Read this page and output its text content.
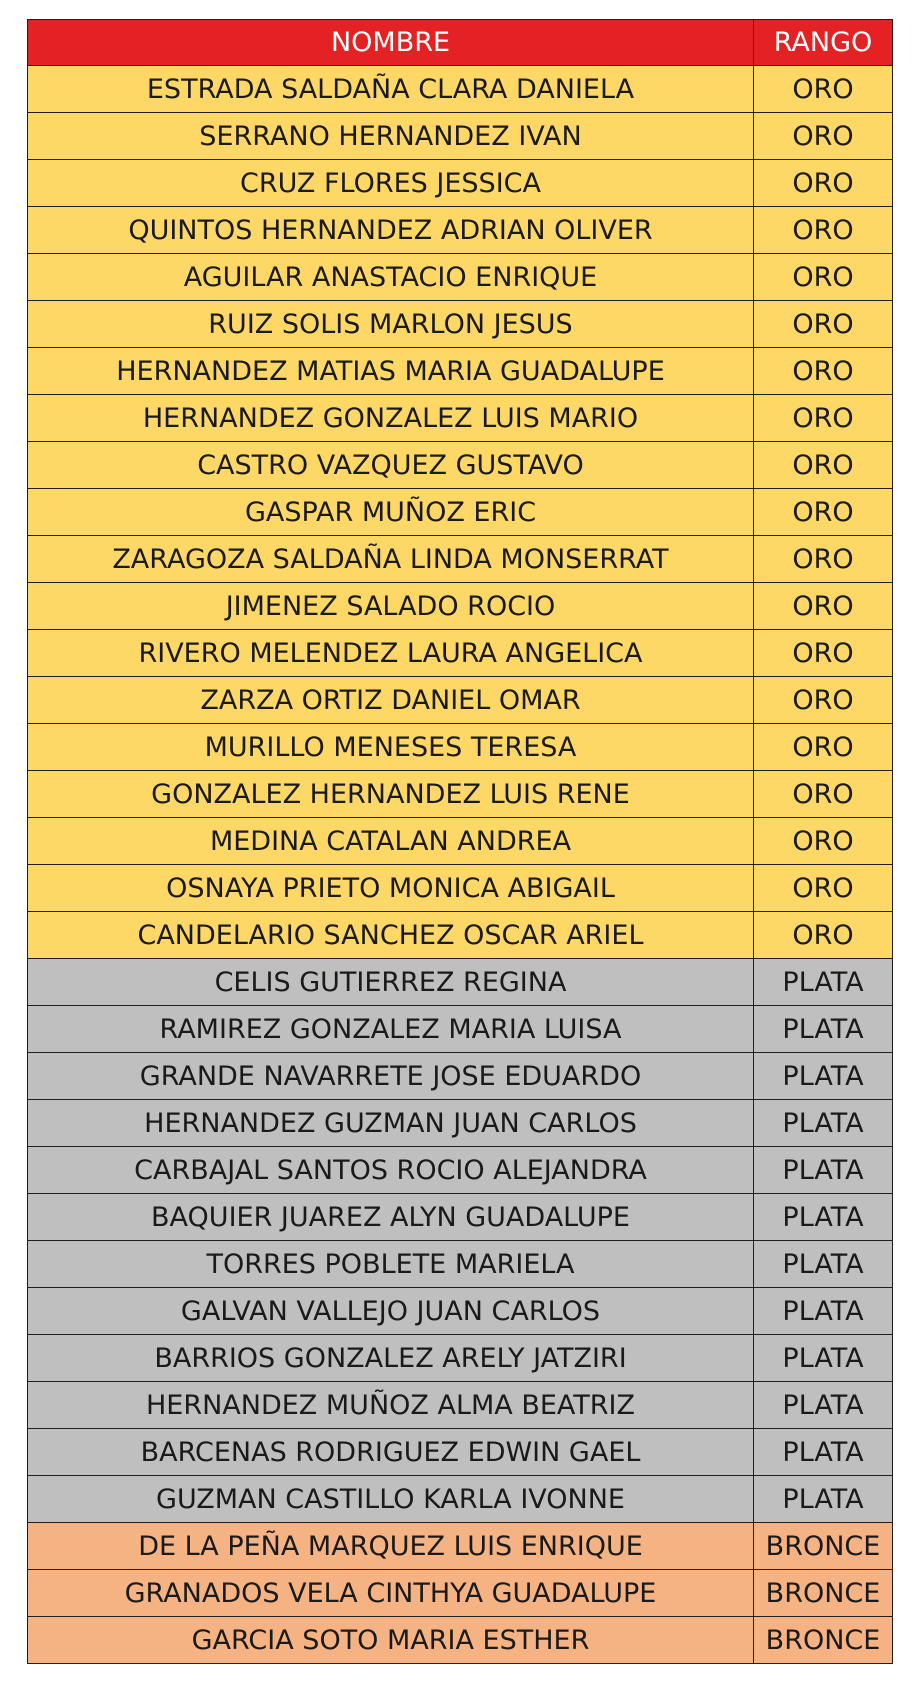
NOMBRE	RANGO
ESTRADA SALDAÑA CLARA DANIELA	ORO
SERRANO HERNANDEZ IVAN	ORO
CRUZ FLORES JESSICA	ORO
QUINTOS HERNANDEZ ADRIAN OLIVER	ORO
AGUILAR ANASTACIO ENRIQUE	ORO
RUIZ SOLIS MARLON JESUS	ORO
HERNANDEZ MATIAS MARIA GUADALUPE	ORO
HERNANDEZ GONZALEZ LUIS MARIO	ORO
CASTRO VAZQUEZ GUSTAVO	ORO
GASPAR MUÑOZ ERIC	ORO
ZARAGOZA SALDAÑA LINDA MONSERRAT	ORO
JIMENEZ SALADO ROCIO	ORO
RIVERO MELENDEZ LAURA ANGELICA	ORO
ZARZA ORTIZ DANIEL OMAR	ORO
MURILLO MENESES TERESA	ORO
GONZALEZ HERNANDEZ LUIS RENE	ORO
MEDINA CATALAN ANDREA	ORO
OSNAYA PRIETO MONICA ABIGAIL	ORO
CANDELARIO SANCHEZ OSCAR ARIEL	ORO
CELIS GUTIERREZ REGINA	PLATA
RAMIREZ GONZALEZ MARIA LUISA	PLATA
GRANDE NAVARRETE JOSE EDUARDO	PLATA
HERNANDEZ GUZMAN JUAN CARLOS	PLATA
CARBAJAL SANTOS ROCIO ALEJANDRA	PLATA
BAQUIER JUAREZ ALYN GUADALUPE	PLATA
TORRES POBLETE MARIELA	PLATA
GALVAN VALLEJO JUAN CARLOS	PLATA
BARRIOS GONZALEZ ARELY JATZIRI	PLATA
HERNANDEZ MUÑOZ ALMA BEATRIZ	PLATA
BARCENAS RODRIGUEZ EDWIN GAEL	PLATA
GUZMAN CASTILLO KARLA IVONNE	PLATA
DE LA PEÑA MARQUEZ LUIS ENRIQUE	BRONCE
GRANADOS VELA CINTHYA GUADALUPE	BRONCE
GARCIA SOTO MARIA ESTHER	BRONCE
